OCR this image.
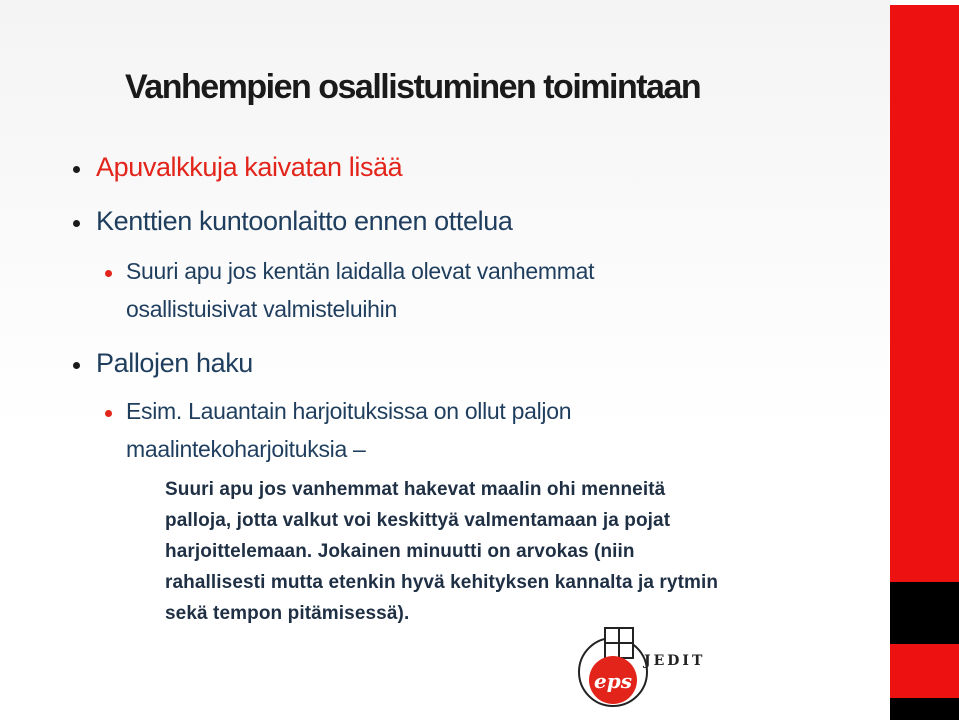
Vanhempien osallistuminen toimintaan

Apuvalkkuja kaivatan lisää

Kenttien kuntoonlaitto ennen ottelua

Suuri apu jos kentän laidalla olevat vanhemmat

osallistuisivat valmisteluihin

Pallojen haku

Esim. Lauantain harjoituksissa on ollut paljon

maalintekoharjoituksia –

Suuri apu jos vanhemmat hakevat maalin ohi menneitä

palloja, jotta valkut voi keskittyä valmentamaan ja pojat

harjoittelemaan. Jokainen minuutti on arvokas (niin

rahallisesti mutta etenkin hyvä kehityksen kannalta ja rytmin

sekä tempon pitämisessä).

eps
JEDIT
